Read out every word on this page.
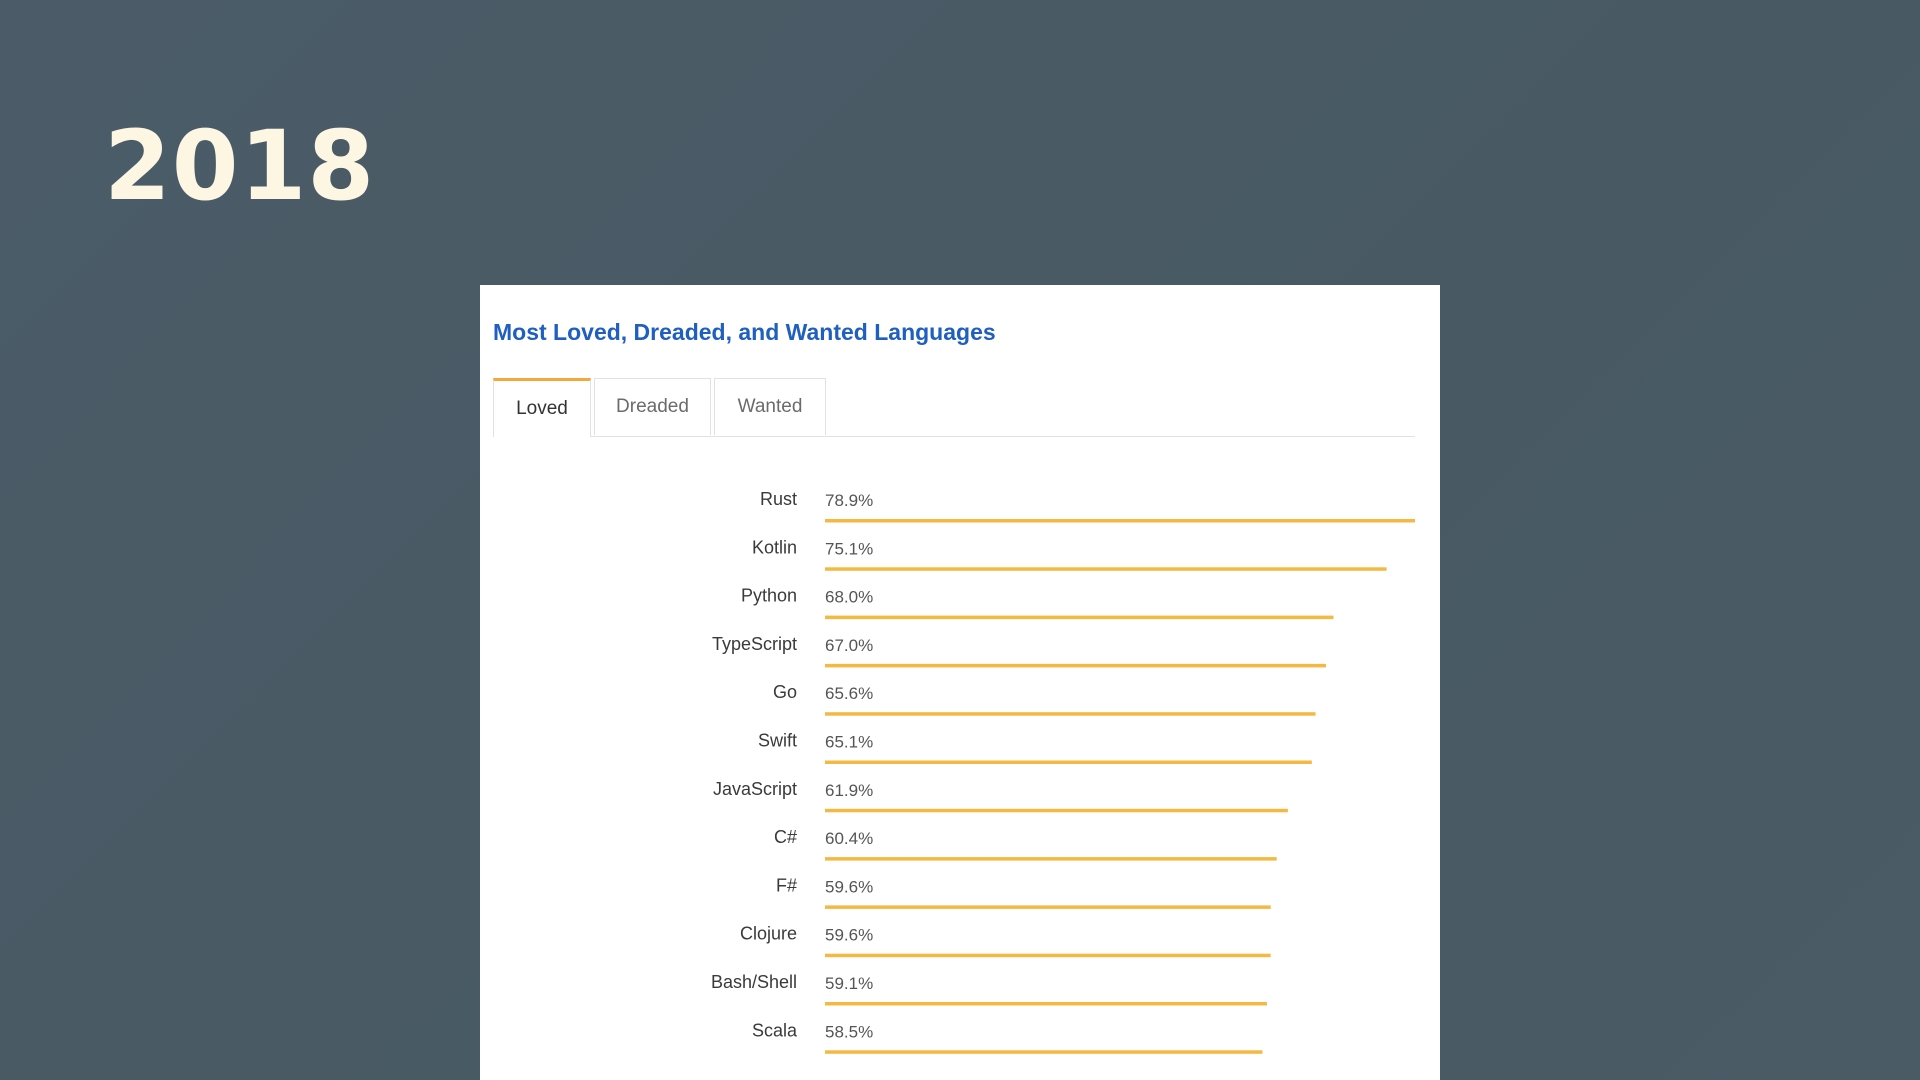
2018
Most Loved, Dreaded, and Wanted Languages
Loved	Dreaded	Wanted
Rust 78.9%
Kotlin 75.1%
Python 68.0%
TypeScript 67.0%
Go 65.6%
Swift 65.1%
JavaScript 61.9%
C# 60.4%
F# 59.6%
Clojure 59.6%
Bash/Shell 59.1%
Scala 58.5%
